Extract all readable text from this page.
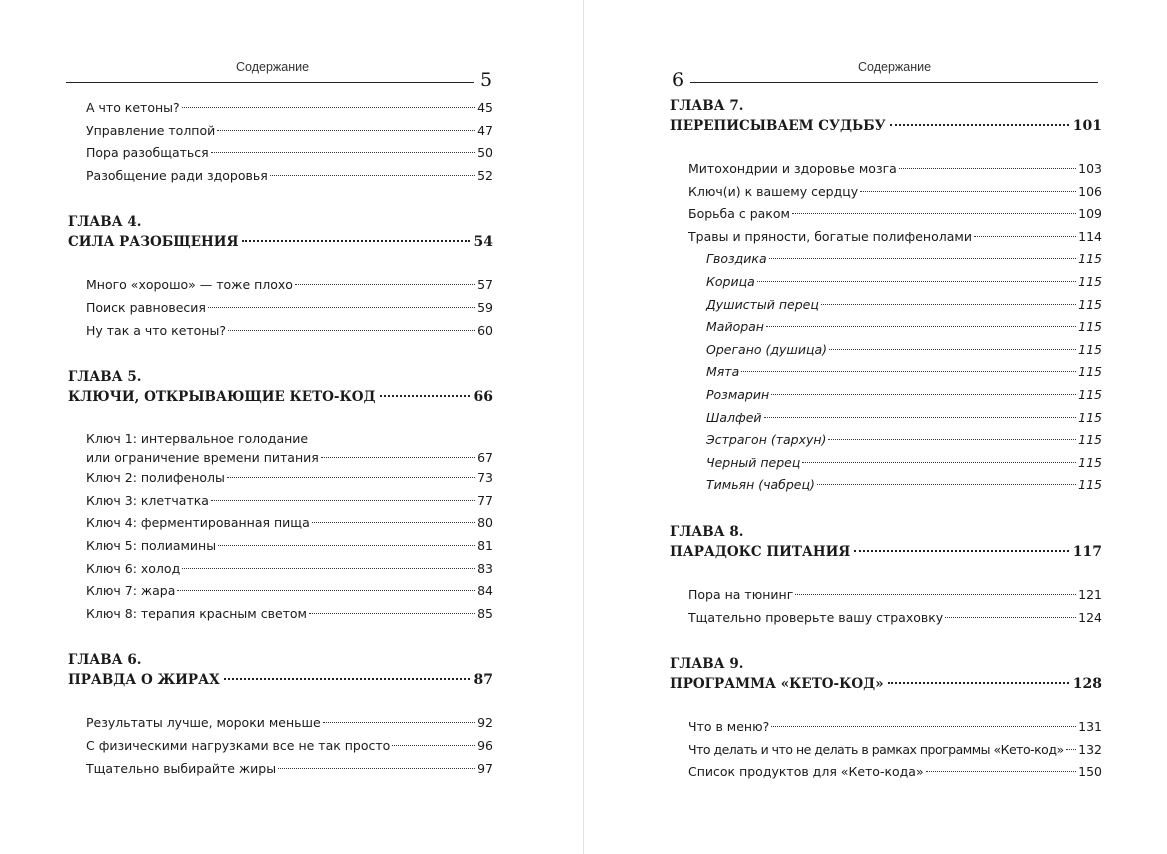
Содержание
5
А что кетоны?	45
Управление толпой	47
Пора разобщаться	50
Разобщение ради здоровья	52
ГЛАВА 4.
СИЛА РАЗОБЩЕНИЯ	54
Много «хорошо» — тоже плохо	57
Поиск равновесия	59
Ну так а что кетоны?	60
ГЛАВА 5.
КЛЮЧИ, ОТКРЫВАЮЩИЕ КЕТО-КОД	66
Ключ 1: интервальное голодание
или ограничение времени питания	67
Ключ 2: полифенолы	73
Ключ 3: клетчатка	77
Ключ 4: ферментированная пища	80
Ключ 5: полиамины	81
Ключ 6: холод	83
Ключ 7: жара	84
Ключ 8: терапия красным светом	85
ГЛАВА 6.
ПРАВДА О ЖИРАХ	87
Результаты лучше, мороки меньше	92
С физическими нагрузками все не так просто	96
Тщательно выбирайте жиры	97
6
Содержание
ГЛАВА 7.
ПЕРЕПИСЫВАЕМ СУДЬБУ	101
Митохондрии и здоровье мозга	103
Ключ(и) к вашему сердцу	106
Борьба с раком	109
Травы и пряности, богатые полифенолами	114
Гвоздика	115
Корица	115
Душистый перец	115
Майоран	115
Орегано (душица)	115
Мята	115
Розмарин	115
Шалфей	115
Эстрагон (тархун)	115
Черный перец	115
Тимьян (чабрец)	115
ГЛАВА 8.
ПАРАДОКС ПИТАНИЯ	117
Пора на тюнинг	121
Тщательно проверьте вашу страховку	124
ГЛАВА 9.
ПРОГРАММА «КЕТО-КОД»	128
Что в меню?	131
Что делать и что не делать в рамках программы «Кето-код» 132
Список продуктов для «Кето-кода»	150
